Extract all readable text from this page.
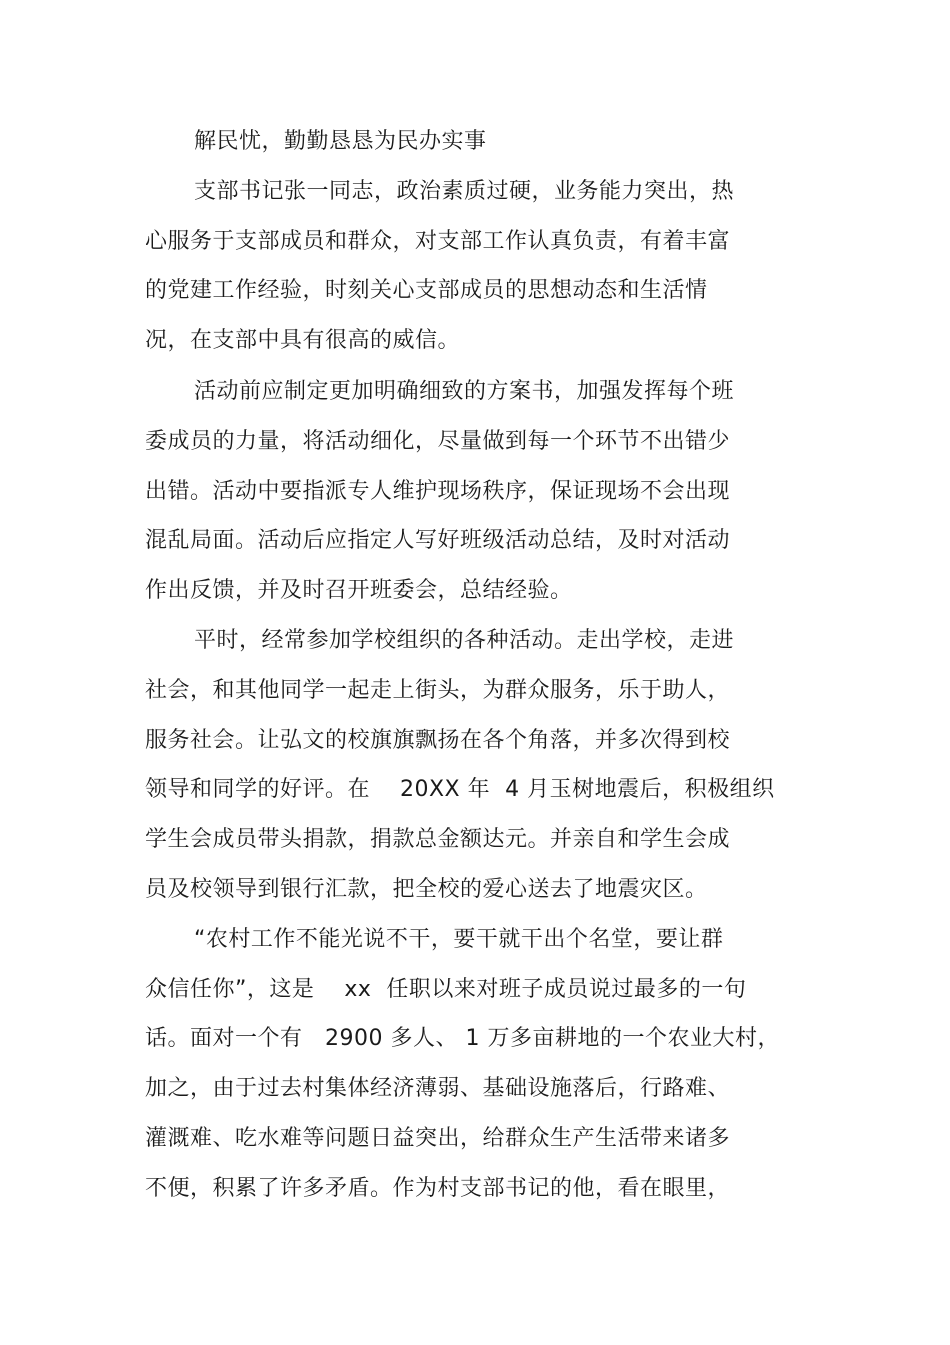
解民忧，勤勤恳恳为民办实事
支部书记张一同志，政治素质过硬，业务能力突出，热
心服务于支部成员和群众，对支部工作认真负责，有着丰富
的党建工作经验，时刻关心支部成员的思想动态和生活情
况，在支部中具有很高的威信。
活动前应制定更加明确细致的方案书，加强发挥每个班
委成员的力量，将活动细化，尽量做到每一个环节不出错少
出错。活动中要指派专人维护现场秩序，保证现场不会出现
混乱局面。活动后应指定人写好班级活动总结，及时对活动
作出反馈，并及时召开班委会，总结经验。
平时，经常参加学校组织的各种活动。走出学校，走进
社会，和其他同学一起走上街头，为群众服务，乐于助人，
服务社会。让弘文的校旗旗飘扬在各个角落，并多次得到校
领导和同学的好评。在　 20XX 年  4 月玉树地震后，积极组织
学生会成员带头捐款，捐款总金额达元。并亲自和学生会成
员及校领导到银行汇款，把全校的爱心送去了地震灾区。
“农村工作不能光说不干，要干就干出个名堂，要让群
众信任你”，这是　 xx  任职以来对班子成员说过最多的一句
话。面对一个有　2900 多人、 1 万多亩耕地的一个农业大村，
加之，由于过去村集体经济薄弱、基础设施落后，行路难、
灌溉难、吃水难等问题日益突出，给群众生产生活带来诸多
不便，积累了许多矛盾。作为村支部书记的他，看在眼里，
